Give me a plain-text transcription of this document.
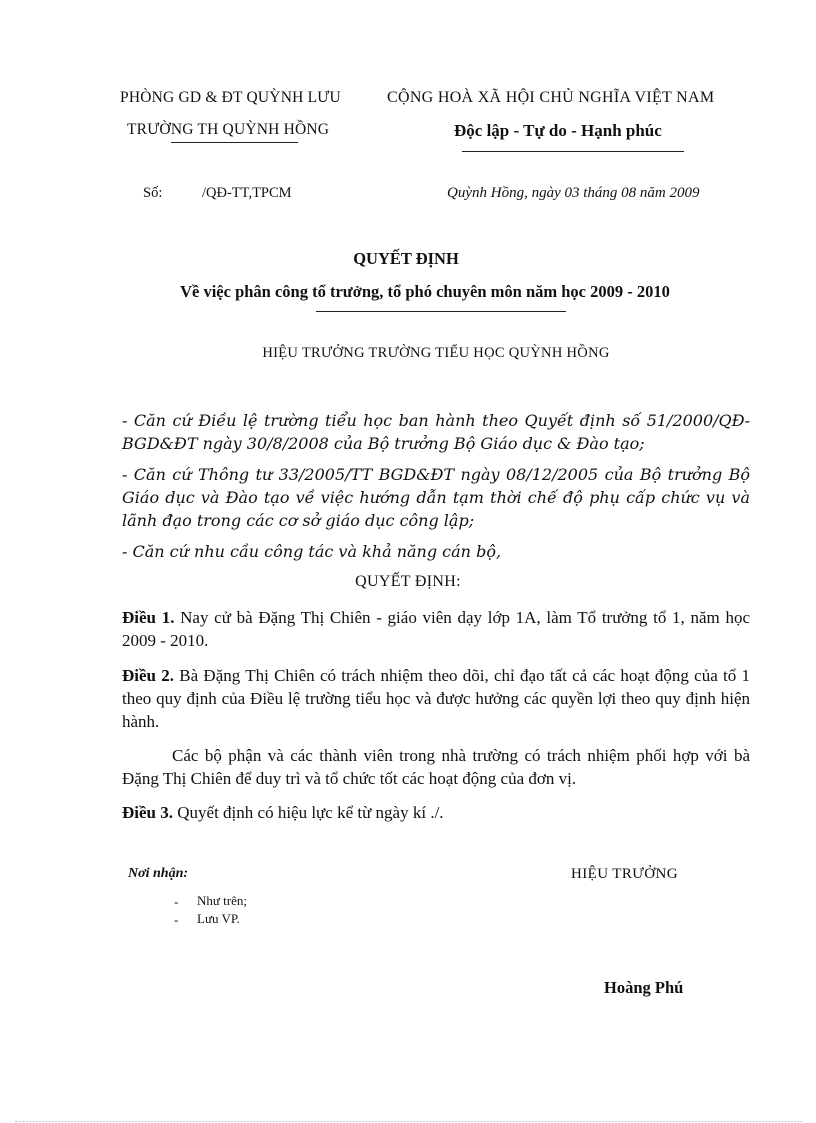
PHÒNG GD & ĐT QUỲNH LƯU
TRƯỜNG TH QUỲNH HỒNG
CỘNG HOÀ XÃ HỘI CHỦ NGHĨA VIỆT NAM
Độc lập - Tự do - Hạnh phúc
Số:	/QĐ-TT,TPCM	Quỳnh Hồng, ngày 03 tháng 08 năm 2009
QUYẾT ĐỊNH
Về việc phân công tổ trưởng, tổ phó chuyên môn năm học 2009 - 2010
HIỆU TRƯỞNG TRƯỜNG TIỂU HỌC QUỲNH HỒNG
- Căn cứ Điều lệ trường tiểu học ban hành theo Quyết định số 51/2000/QĐ-BGD&ĐT ngày 30/8/2008 của Bộ trưởng Bộ Giáo dục & Đào tạo;
- Căn cứ Thông tư 33/2005/TT BGD&ĐT ngày 08/12/2005 của Bộ trưởng Bộ Giáo dục và Đào tạo về việc hướng dẫn tạm thời chế độ phụ cấp chức vụ và lãnh đạo trong các cơ sở giáo dục công lập;
- Căn cứ nhu cầu công tác và khả năng cán bộ,
QUYẾT ĐỊNH:
Điều 1. Nay cử bà Đặng Thị Chiên - giáo viên dạy lớp 1A, làm Tổ trưởng tổ 1, năm học 2009 - 2010.
Điều 2. Bà Đặng Thị Chiên có trách nhiệm theo dõi, chỉ đạo tất cả các hoạt động của tổ 1 theo quy định của Điều lệ trường tiểu học và được hưởng các quyền lợi theo quy định hiện hành.
Các bộ phận và các thành viên trong nhà trường có trách nhiệm phối hợp với bà Đặng Thị Chiên để duy trì và tổ chức tốt các hoạt động của đơn vị.
Điều 3. Quyết định có hiệu lực kể từ ngày kí ./.
Nơi nhận:
- Như trên;
- Lưu VP.
HIỆU TRƯỞNG
Hoàng Phú
